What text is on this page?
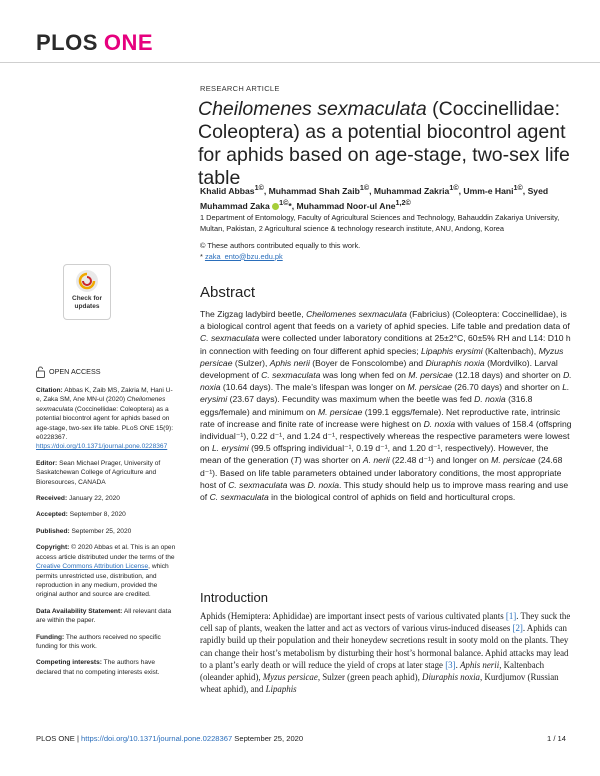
PLOS ONE
RESEARCH ARTICLE
Cheilomenes sexmaculata (Coccinellidae: Coleoptera) as a potential biocontrol agent for aphids based on age-stage, two-sex life table
Khalid Abbas$^{1©}$, Muhammad Shah Zaib$^{1©}$, Muhammad Zakria$^{1©}$, Umm-e Hani$^{1©}$, Syed Muhammad Zaka $^{1©}$*, Muhammad Noor-ul Ane$^{1,2©}$
1 Department of Entomology, Faculty of Agricultural Sciences and Technology, Bahauddin Zakariya University, Multan, Pakistan, 2 Agricultural science & technology research institute, ANU, Andong, Korea
© These authors contributed equally to this work.
* zaka_ento@bzu.edu.pk
Abstract
The Zigzag ladybird beetle, Cheilomenes sexmaculata (Fabricius) (Coleoptera: Coccinellidae), is a biological control agent that feeds on a variety of aphid species. Life table and predation data of C. sexmaculata were collected under laboratory conditions at 25±2°C, 60±5% RH and L14: D10 h in connection with feeding on four different aphid species; Lipaphis erysimi (Kaltenbach), Myzus persicae (Sulzer), Aphis nerii (Boyer de Fonscolombe) and Diuraphis noxia (Mordvilko). Larval development of C. sexmaculata was long when fed on M. persicae (12.18 days) and shorter on D. noxia (10.64 days). The male’s lifespan was longer on M. persicae (26.70 days) and shorter on L. erysimi (23.67 days). Fecundity was maximum when the beetle was fed D. noxia (316.8 eggs/female) and minimum on M. persicae (199.1 eggs/female). Net reproductive rate, intrinsic rate of increase and finite rate of increase were highest on D. noxia with values of 158.4 (offspring individual⁻¹), 0.22 d⁻¹, and 1.24 d⁻¹, respectively whereas the respective parameters were lowest on L. erysimi (99.5 offspring individual⁻¹, 0.19 d⁻¹, and 1.20 d⁻¹, respectively). However, the mean of the generation (T) was shorter on A. nerii (22.48 d⁻¹) and longer on M. persicae (24.68 d⁻¹). Based on life table parameters obtained under laboratory conditions, the most appropriate host of C. sexmaculata was D. noxia. This study should help us to improve mass rearing and use of C. sexmaculata in the biological control of aphids on field and horticultural crops.
Introduction
Aphids (Hemiptera: Aphididae) are important insect pests of various cultivated plants [1]. They suck the cell sap of plants, weaken the latter and act as vectors of various virus-induced diseases [2]. Aphids can rapidly build up their population and their honeydew secretions result in sooty mold on the plants. They can change their host’s metabolism by disturbing their host’s hormonal balance. Aphid attacks may lead to a plant’s early death or will reduce the yield of crops at later stage [3]. Aphis nerii, Kaltenbach (oleander aphid), Myzus persicae, Sulzer (green peach aphid), Diuraphis noxia, Kurdjumov (Russian wheat aphid), and Lipaphis
Check for
updates
OPEN ACCESS
Citation: Abbas K, Zaib MS, Zakria M, Hani U-e, Zaka SM, Ane MN-ul (2020) Cheilomenes sexmaculata (Coccinellidae: Coleoptera) as a potential biocontrol agent for aphids based on age-stage, two-sex life table. PLoS ONE 15(9): e0228367. https://doi.org/10.1371/journal.pone.0228367
Editor: Sean Michael Prager, University of Saskatchewan College of Agriculture and Bioresources, CANADA
Received: January 22, 2020
Accepted: September 8, 2020
Published: September 25, 2020
Copyright: © 2020 Abbas et al. This is an open access article distributed under the terms of the Creative Commons Attribution License, which permits unrestricted use, distribution, and reproduction in any medium, provided the original author and source are credited.
Data Availability Statement: All relevant data are within the paper.
Funding: The authors received no specific funding for this work.
Competing interests: The authors have declared that no competing interests exist.
PLOS ONE | https://doi.org/10.1371/journal.pone.0228367 September 25, 2020	1 / 14
